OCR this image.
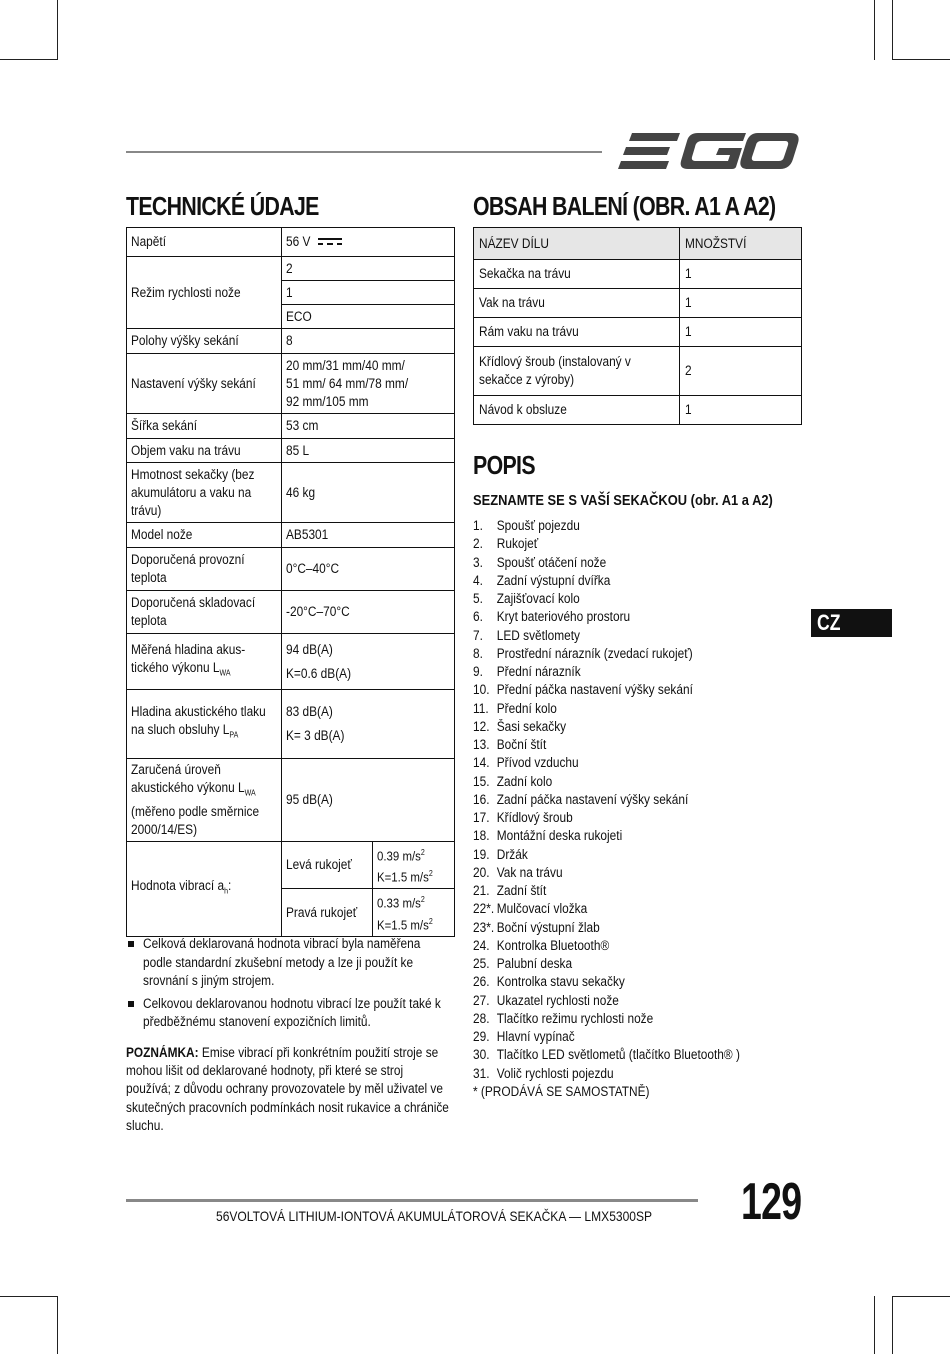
TECHNICKÉ ÚDAJE	OBSAH BALENÍ (OBR. A1 A A2)
Napětí	56 V	
Režim rychlosti nože	2	
	1	
	ECO	
Polohy výšky sekání	8	
Nastavení výšky sekání	20 mm/31 mm/40 mm/
51 mm/ 64 mm/78 mm/
92 mm/105 mm	
Šířka sekání	53 cm	
Objem vaku na trávu	85 L	
Hmotnost sekačky (bez akumulátoru a vaku na trávu)	46 kg	
Model nože	AB5301	
Doporučená provozní teplota	0°C–40°C	
Doporučená skladovací teplota	-20°C–70°C	
Měřená hladina akustického výkonu $L_{WA}$	94 dB(A)
K=0.6 dB(A)	
Hladina akustického tlaku na sluch obsluhy $L_{PA}$	83 dB(A)
K= 3 dB(A)	
Zaručená úroveň akustického výkonu $L_{WA}$ (měřeno podle směrnice 2000/14/ES)	95 dB(A)	
Hodnota vibrací $a_h$:	Levá rukojeť	0.39 $m/s^2$
K=1.5 $m/s^2$
	Pravá rukojeť	0.33 $m/s^2$
K=1.5 $m/s^2$
Celková deklarovaná hodnota vibrací byla naměřena podle standardní zkušební metody a lze ji použít ke srovnání s jiným strojem.
Celkovou deklarovanou hodnotu vibrací lze použít také k předběžnému stanovení expozičních limitů.
POZNÁMKA: Emise vibrací při konkrétním použití stroje se mohou lišit od deklarované hodnoty, při které se stroj používá; z důvodu ochrany provozovatele by měl uživatel ve skutečných pracovních podmínkách nosit rukavice a chrániče sluchu.
NÁZEV DÍLU	MNOŽSTVÍ
Sekačka na trávu	1
Vak na trávu	1
Rám vaku na trávu	1
Křídlový šroub (instalovaný v sekačce z výroby)	2
Návod k obsluze	1
POPIS
SEZNAMTE SE S VAŠÍ SEKAČKOU (obr. A1 a A2)
1. Spoušť pojezdu
2. Rukojeť
3. Spoušť otáčení nože
4. Zadní výstupní dvířka
5. Zajišťovací kolo
6. Kryt bateriového prostoru
7. LED světlomety
8. Prostřední nárazník (zvedací rukojeť)
9. Přední nárazník
10. Přední páčka nastavení výšky sekání
11. Přední kolo
12. Šasi sekačky
13. Boční štít
14. Přívod vzduchu
15. Zadní kolo
16. Zadní páčka nastavení výšky sekání
17. Křídlový šroub
18. Montážní deska rukojeti
19. Držák
20. Vak na trávu
21. Zadní štít
22*. Mulčovací vložka
23*. Boční výstupní žlab
24. Kontrolka Bluetooth®
25. Palubní deska
26. Kontrolka stavu sekačky
27. Ukazatel rychlosti nože
28. Tlačítko režimu rychlosti nože
29. Hlavní vypínač
30. Tlačítko LED světlometů (tlačítko Bluetooth® )
31. Volič rychlosti pojezdu
* (PRODÁVÁ SE SAMOSTATNĚ)
CZ
56VOLTOVÁ LITHIUM-IONTOVÁ AKUMULÁTOROVÁ SEKAČKA — LMX5300SP	129
